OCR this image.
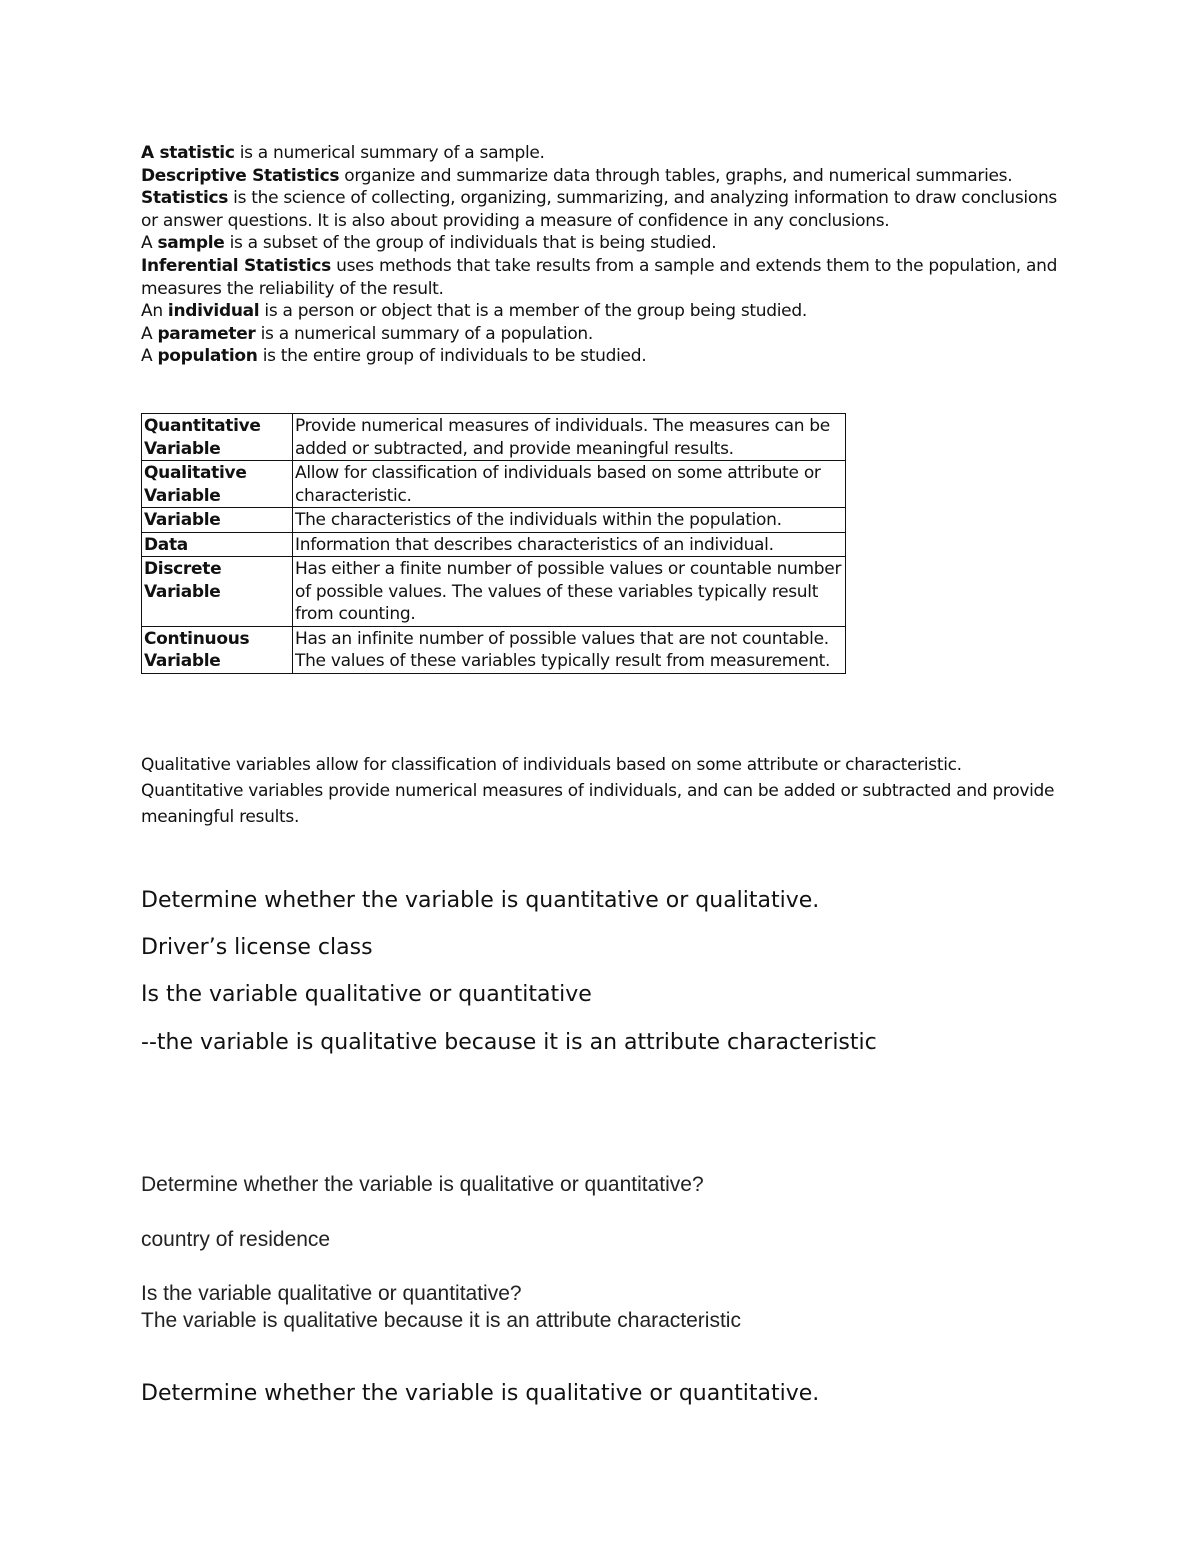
A statistic is a numerical summary of a sample.

Descriptive Statistics organize and summarize data through tables, graphs, and numerical summaries.

Statistics is the science of collecting, organizing, summarizing, and analyzing information to draw conclusions or answer questions. It is also about providing a measure of confidence in any conclusions.

A sample is a subset of the group of individuals that is being studied.

Inferential Statistics uses methods that take results from a sample and extends them to the population, and measures the reliability of the result.

An individual is a person or object that is a member of the group being studied.

A parameter is a numerical summary of a population.

A population is the entire group of individuals to be studied.

Quantitative Variable	Provide numerical measures of individuals. The measures can be added or subtracted, and provide meaningful results.
Qualitative Variable	Allow for classification of individuals based on some attribute or characteristic.
Variable	The characteristics of the individuals within the population.
Data	Information that describes characteristics of an individual.
Discrete Variable	Has either a finite number of possible values or countable number of possible values. The values of these variables typically result from counting.
Continuous Variable	Has an infinite number of possible values that are not countable. The values of these variables typically result from measurement.

Qualitative variables allow for classification of individuals based on some attribute or characteristic.

Quantitative variables provide numerical measures of individuals, and can be added or subtracted and provide meaningful results.

Determine whether the variable is quantitative or qualitative.

Driver’s license class

Is the variable qualitative or quantitative

--the variable is qualitative because it is an attribute characteristic

Determine whether the variable is qualitative or quantitative?

country of residence

Is the variable qualitative or quantitative?

The variable is qualitative because it is an attribute characteristic

Determine whether the variable is qualitative or quantitative.
